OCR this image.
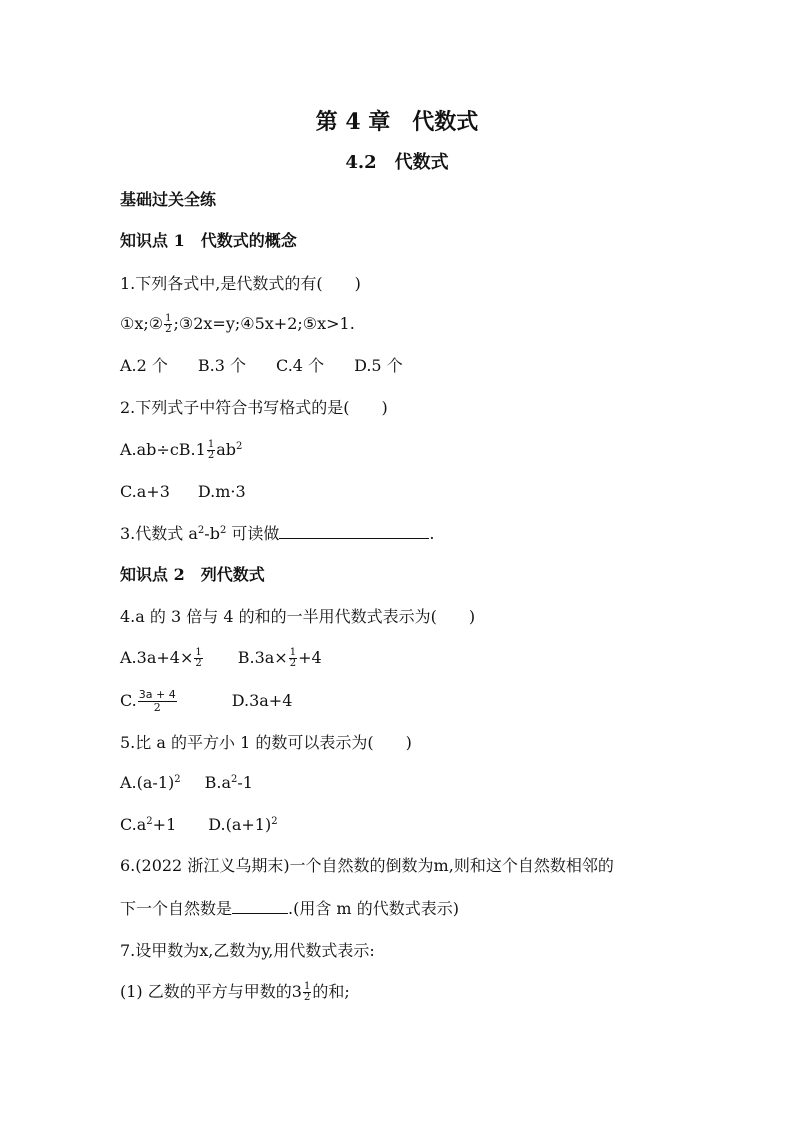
第 4 章　代数式
4.2　代数式
基础过关全练
知识点 1　代数式的概念
1.下列各式中,是代数式的有(　　)
①x;② $\frac{1}{2}$ ;③2x=y;④5x+2;⑤x>1.
A.2 个 B.3 个 C.4 个 D.5 个
2.下列式子中符合书写格式的是(　　)
$A.ab\div cB.1 \frac{1}{2} ab^2$
C.a+3 D.m·3
3.代数式 $a^2-b^2$ 可读做	.
知识点 2　列代数式
4.a 的 3 倍与 4 的和的一半用代数式表示为(　　)
$A.3a+4\times \frac{1}{2} B.3a\times \frac{1}{2} +4$
C. $\frac{3a + 4}{2}$	D.3a+4
5.比 a 的平方小 1 的数可以表示为(　　)
$A.(a-1)^2$ $B.a^2-1$
$C.a^2+1$ $D.(a+1)^2$
6.(2022 浙江义乌期末)一个自然数的倒数为m,则和这个自然数相邻的
下一个自然数是	.(用含 m 的代数式表示)
7.设甲数为x,乙数为y,用代数式表示:
(1) 乙数的平方与甲数的$3 \frac{1}{2}$ 的和;
